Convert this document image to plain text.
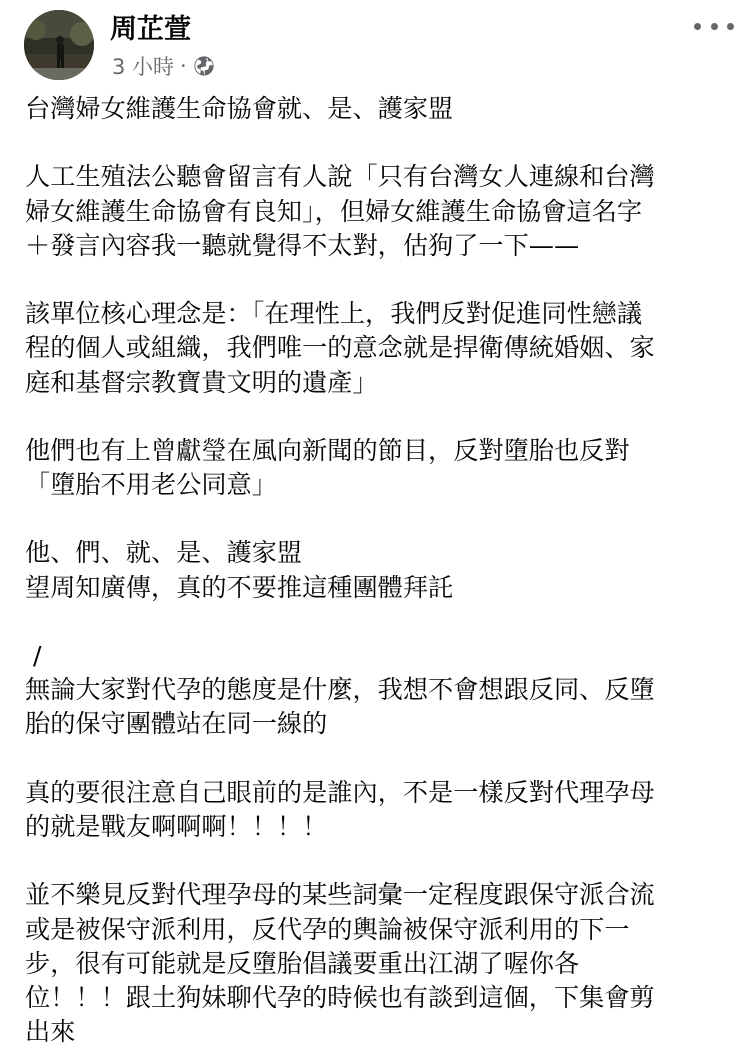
周芷萱
3 小時 ·
台灣婦女維護生命協會就、是、護家盟
人工生殖法公聽會留言有人說「只有台灣女人連線和台灣
婦女維護生命協會有良知」，但婦女維護生命協會這名字
＋發言內容我一聽就覺得不太對，估狗了一下——
該單位核心理念是：「在理性上，我們反對促進同性戀議
程的個人或組織，我們唯一的意念就是捍衛傳統婚姻、家
庭和基督宗教寶貴文明的遺產」
他們也有上曾獻瑩在風向新聞的節目，反對墮胎也反對
「墮胎不用老公同意」
他、們、就、是、護家盟
望周知廣傳，真的不要推這種團體拜託
/
無論大家對代孕的態度是什麼，我想不會想跟反同、反墮
胎的保守團體站在同一線的
真的要很注意自己眼前的是誰內，不是一樣反對代理孕母
的就是戰友啊啊啊！！！！
並不樂見反對代理孕母的某些詞彙一定程度跟保守派合流
或是被保守派利用，反代孕的輿論被保守派利用的下一
步，很有可能就是反墮胎倡議要重出江湖了喔你各
位！！！跟土狗妹聊代孕的時候也有談到這個，下集會剪
出來
